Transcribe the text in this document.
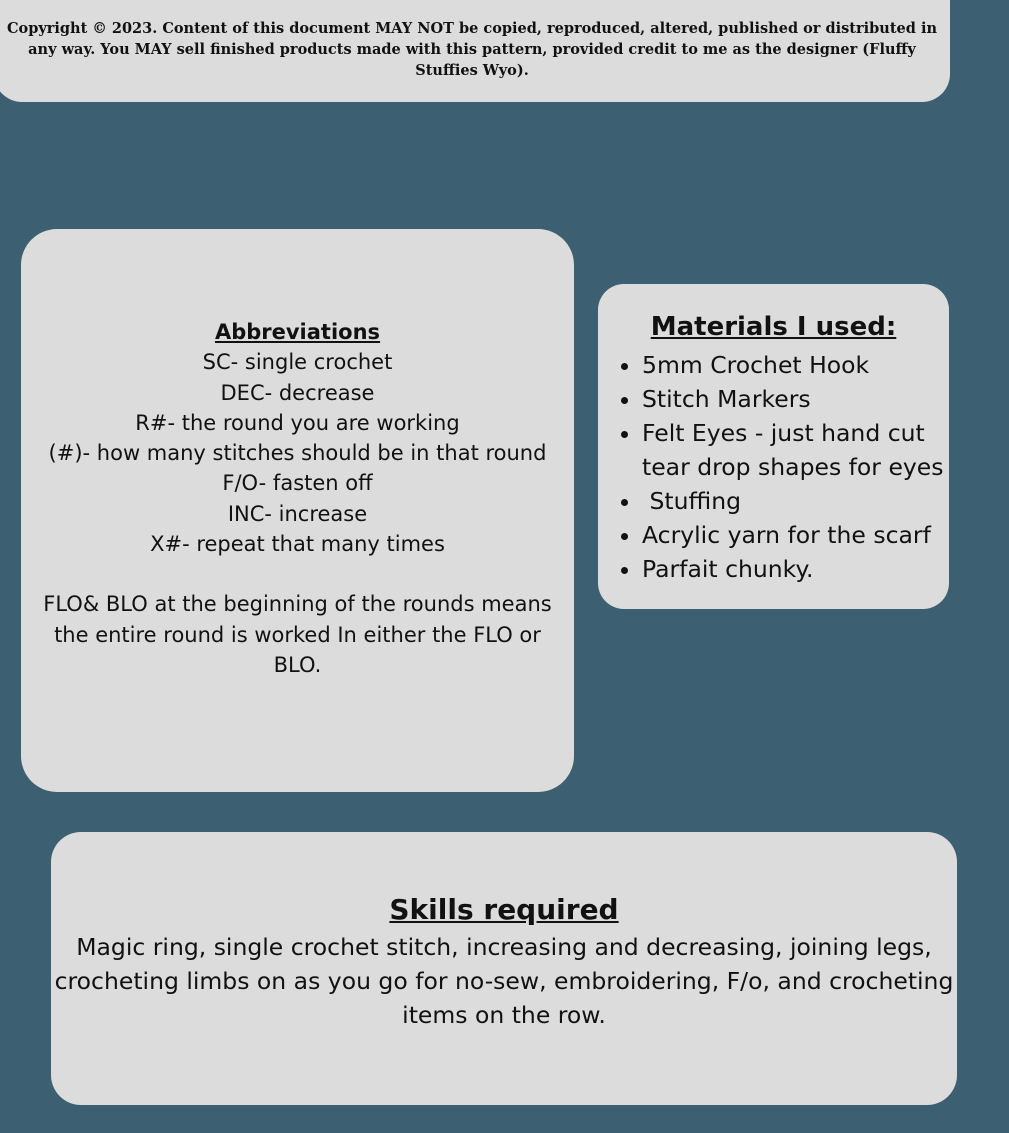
Copyright © 2023. Content of this document MAY NOT be copied, reproduced, altered, published or distributed in any way. You MAY sell finished products made with this pattern, provided credit to me as the designer (Fluffy Stuffies Wyo).

Abbreviations
SC- single crochet
DEC- decrease
R#- the round you are working
(#)- how many stitches should be in that round
F/O- fasten off
INC- increase
X#- repeat that many times
FLO& BLO at the beginning of the rounds means the entire round is worked In either the FLO or BLO.
Materials I used:
• 5mm Crochet Hook
• Stitch Markers
• Felt Eyes - just hand cut tear drop shapes for eyes
•  Stuffing
• Acrylic yarn for the scarf
• Parfait chunky.
Skills required

Magic ring, single crochet stitch, increasing and decreasing, joining legs, crocheting limbs on as you go for no-sew, embroidering, F/o, and crocheting items on the row.
